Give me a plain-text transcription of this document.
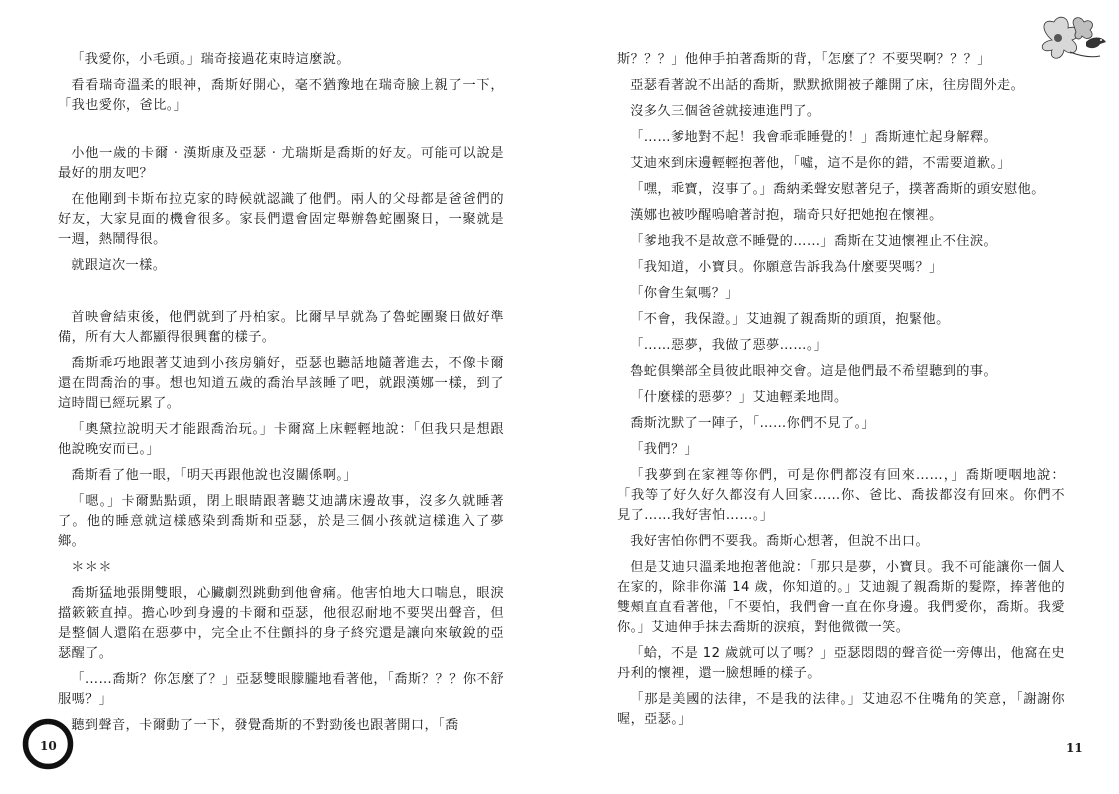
「我愛你，小毛頭。」瑞奇接過花束時這麼說。

看看瑞奇溫柔的眼神，喬斯好開心，毫不猶豫地在瑞奇臉上親了一下，「我也愛你，爸比。」

小他一歲的卡爾 ‧ 漢斯康及亞瑟 ‧ 尤瑞斯是喬斯的好友。可能可以說是最好的朋友吧？

在他剛到卡斯布拉克家的時候就認識了他們。兩人的父母都是爸爸們的好友，大家見面的機會很多。家長們還會固定舉辦魯蛇團聚日，一聚就是一週，熱鬧得很。

就跟這次一樣。

首映會結束後，他們就到了丹柏家。比爾早早就為了魯蛇團聚日做好準備，所有大人都顯得很興奮的樣子。

喬斯乖巧地跟著艾迪到小孩房躺好，亞瑟也聽話地隨著進去，不像卡爾還在問喬治的事。想也知道五歲的喬治早該睡了吧，就跟漢娜一樣，到了這時間已經玩累了。

「奧黛拉說明天才能跟喬治玩。」卡爾窩上床輕輕地說：「但我只是想跟他說晚安而已。」

喬斯看了他一眼，「明天再跟他說也沒關係啊。」

「嗯。」卡爾點點頭，閉上眼睛跟著聽艾迪講床邊故事，沒多久就睡著了。他的睡意就這樣感染到喬斯和亞瑟，於是三個小孩就這樣進入了夢鄉。

＊＊＊

喬斯猛地張開雙眼，心臟劇烈跳動到他會痛。他害怕地大口喘息，眼淚擋簌簌直掉。擔心吵到身邊的卡爾和亞瑟，他很忍耐地不要哭出聲音，但是整個人還陷在惡夢中，完全止不住顫抖的身子終究還是讓向來敏銳的亞瑟醒了。

「……喬斯？你怎麼了？」亞瑟雙眼朦朧地看著他，「喬斯？？？你不舒服嗎？」

聽到聲音，卡爾動了一下，發覺喬斯的不對勁後也跟著開口，「喬

10

斯？？？」他伸手拍著喬斯的背，「怎麼了？不要哭啊？？？」

亞瑟看著說不出話的喬斯，默默掀開被子離開了床，往房間外走。

沒多久三個爸爸就接連進門了。

「……爹地對不起！我會乖乖睡覺的！」喬斯連忙起身解釋。

艾迪來到床邊輕輕抱著他，「噓，這不是你的錯，不需要道歉。」

「嘿，乖寶，沒事了。」喬納柔聲安慰著兒子，撲著喬斯的頭安慰他。

漢娜也被吵醒嗚嗆著討抱，瑞奇只好把她抱在懷裡。

「爹地我不是故意不睡覺的……」喬斯在艾迪懷裡止不住淚。

「我知道，小寶貝。你願意告訴我為什麼要哭嗎？」

「你會生氣嗎？」

「不會，我保證。」艾迪親了親喬斯的頭頂，抱緊他。

「……惡夢，我做了惡夢……。」

魯蛇俱樂部全員彼此眼神交會。這是他們最不希望聽到的事。

「什麼樣的惡夢？」艾迪輕柔地問。

喬斯沈默了一陣子，「……你們不見了。」

「我們？」

「我夢到在家裡等你們，可是你們都沒有回來……，」喬斯哽咽地說：「我等了好久好久都沒有人回家……你、爸比、喬拔都沒有回來。你們不見了……我好害怕……。」

我好害怕你們不要我。喬斯心想著，但說不出口。

但是艾迪只溫柔地抱著他說：「那只是夢，小寶貝。我不可能讓你一個人在家的，除非你滿 14 歲，你知道的。」艾迪親了親喬斯的髮際，捧著他的雙頰直直看著他，「不要怕，我們會一直在你身邊。我們愛你，喬斯。我愛你。」艾迪伸手抹去喬斯的淚痕，對他微微一笑。

「蛤，不是 12 歲就可以了嗎？」亞瑟悶悶的聲音從一旁傳出，他窩在史丹利的懷裡，還一臉想睡的樣子。

「那是美國的法律，不是我的法律。」艾迪忍不住嘴角的笑意，「謝謝你喔，亞瑟。」

11
